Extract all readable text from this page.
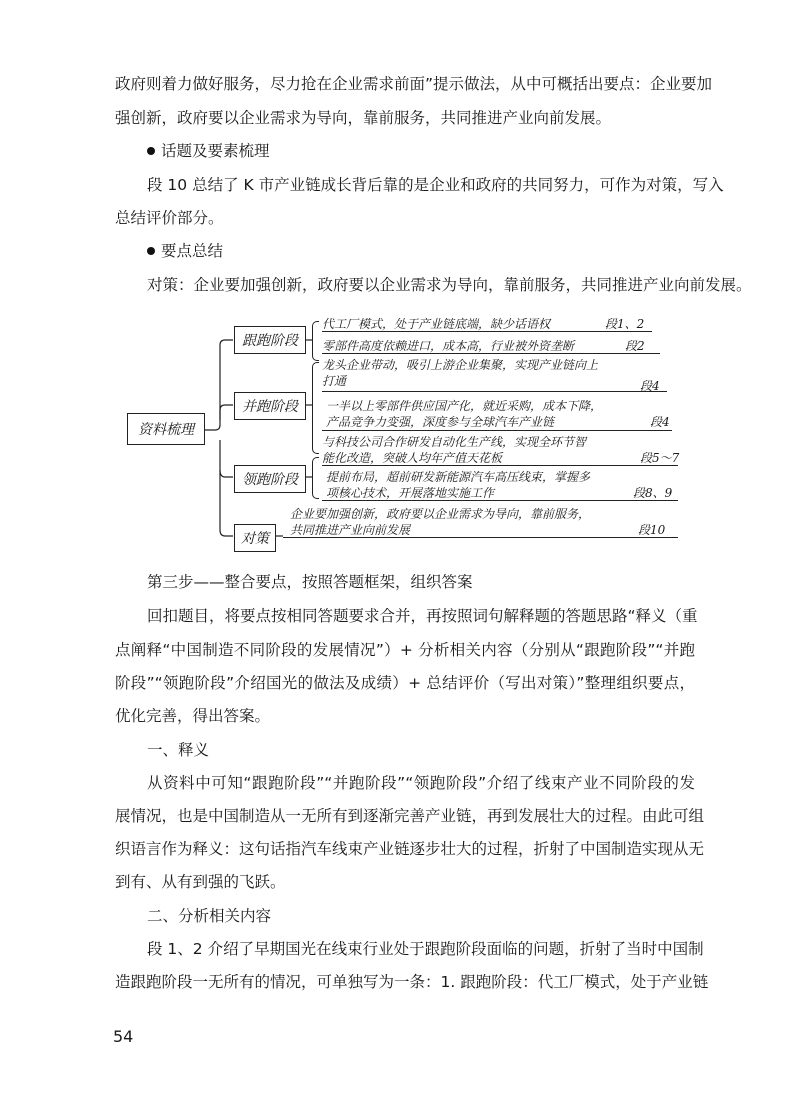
政府则着力做好服务，尽力抢在企业需求前面”提示做法，从中可概括出要点：企业要加
强创新，政府要以企业需求为导向，靠前服务，共同推进产业向前发展。
话题及要素梳理
段 10 总结了 K 市产业链成长背后靠的是企业和政府的共同努力，可作为对策，写入
总结评价部分。
要点总结
对策：企业要加强创新，政府要以企业需求为导向，靠前服务，共同推进产业向前发展。
资料梳理
跟跑阶段
并跑阶段
领跑阶段
对策
代工厂模式，处于产业链底端，缺少话语权	段1、2
零部件高度依赖进口，成本高，行业被外资垄断	段2
龙头企业带动，吸引上游企业集聚，实现产业链向上
打通	段4
一半以上零部件供应国产化，就近采购，成本下降，
产品竞争力变强，深度参与全球汽车产业链	段4
与科技公司合作研发自动化生产线，实现全环节智
能化改造，突破人均年产值天花板	段5～7
提前布局，超前研发新能源汽车高压线束，掌握多
项核心技术，开展落地实施工作	段8、9
企业要加强创新，政府要以企业需求为导向，靠前服务，
共同推进产业向前发展	段10
第三步——整合要点，按照答题框架，组织答案
回扣题目，将要点按相同答题要求合并，再按照词句解释题的答题思路“释义（重
点阐释“中国制造不同阶段的发展情况”）+ 分析相关内容（分别从“跟跑阶段”“并跑
阶段”“领跑阶段”介绍国光的做法及成绩）+ 总结评价（写出对策）”整理组织要点，
优化完善，得出答案。
一、释义
从资料中可知“跟跑阶段”“并跑阶段”“领跑阶段”介绍了线束产业不同阶段的发
展情况，也是中国制造从一无所有到逐渐完善产业链，再到发展壮大的过程。由此可组
织语言作为释义：这句话指汽车线束产业链逐步壮大的过程，折射了中国制造实现从无
到有、从有到强的飞跃。
二、分析相关内容
段 1、2 介绍了早期国光在线束行业处于跟跑阶段面临的问题，折射了当时中国制
造跟跑阶段一无所有的情况，可单独写为一条：1. 跟跑阶段：代工厂模式，处于产业链
54
